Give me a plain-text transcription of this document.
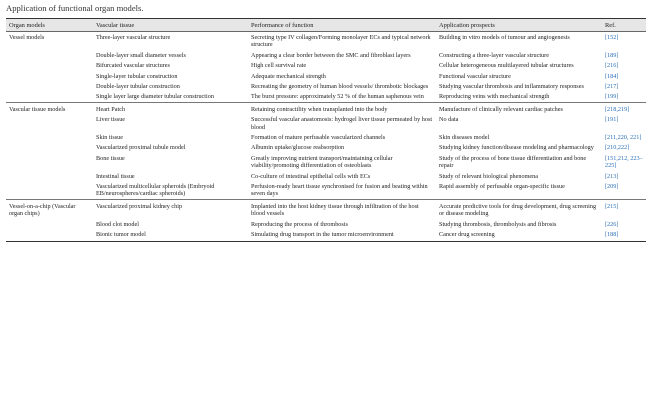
Application of functional organ models.
Organ models	Vascular tissue	Performance of function	Application prospects	Ref.
Vessel models	Three-layer vascular structure	Secreting type IV collagen/Forming monolayer ECs and typical network structure	Building in vitro models of tumour and angiogenesis	[152]
	Double-layer small diameter vessels	Appearing a clear border between the SMC and fibroblast layers	Constructing a three-layer vascular structure	[189]
	Bifurcated vascular structures	High cell survival rate	Cellular heterogeneous multilayered tubular structures	[216]
	Single-layer tubular construction	Adequate mechanical strength	Functional vascular structure	[184]
	Double-layer tubular construction	Recreating the geometry of human blood vessels/ thrombotic blockages	Studying vascular thrombosis and inflammatory responses	[217]
	Single layer large diameter tubular construction	The burst pressure: approximately 52 % of the human saphenous vein	Reproducing veins with mechanical strength	[199]
Vascular tissue models	Heart Patch	Retaining contractility when transplanted into the body	Manufacture of clinically relevant cardiac patches	[218,219]
	Liver tissue	Successful vascular anastomosis: hydrogel liver tissue permeated by host blood	No data	[191]
	Skin tissue	Formation of mature perfusable vascularized channels	Skin diseases model	[211,220, 221]
	Vascularized proximal tubule model	Albumin uptake/glucose reabsorption	Studying kidney function/disease modeling and pharmacology	[210,222]
	Bone tissue	Greatly improving nutrient transport/maintaining cellular viability/promoting differentiation of osteoblasts	Study of the process of bone tissue differentiation and bone repair	[151,212, 223–225]
	Intestinal tissue	Co-culture of intestinal epithelial cells with ECs	Study of relevant biological phenomena	[213]
	Vascularized multicellular spheroids (Embryoid EB/neurospheres/cardiac spheroids)	Perfusion-ready heart tissue synchronised for fusion and beating within seven days	Rapid assembly of perfusable organ-specific tissue	[209]
Vessel-on-a-chip (Vascular organ chips)	Vascularized proximal kidney chip	Implanted into the host kidney tissue through infiltration of the host blood vessels	Accurate predictive tools for drug development, drug screening or disease modeling	[215]
	Blood clot model	Reproducing the process of thrombosis	Studying thrombosis, thrombolysis and fibrosis	[226]
	Bionic tumor model	Simulating drug transport in the tumor microenvironment	Cancer drug screening	[188]
